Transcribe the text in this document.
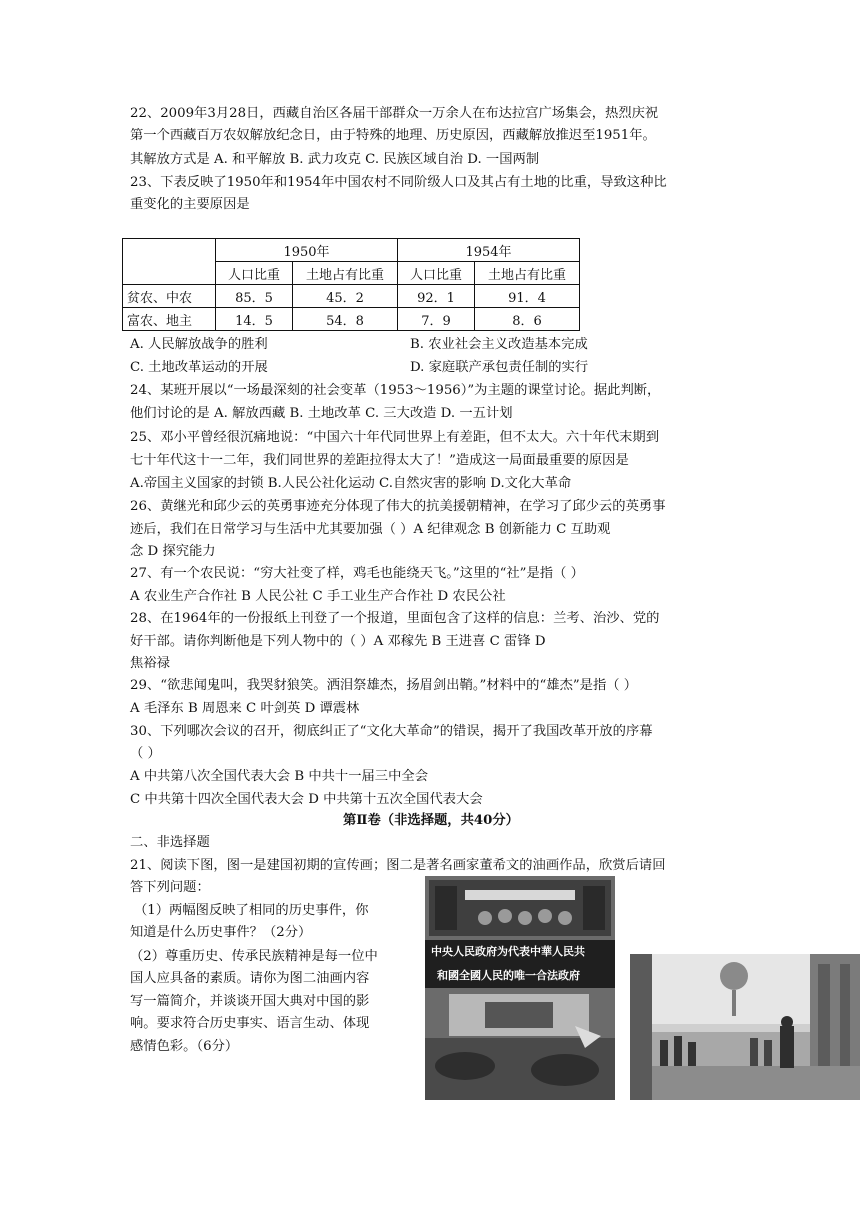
22、2009年3月28日，西藏自治区各届干部群众一万余人在布达拉宫广场集会，热烈庆祝
第一个西藏百万农奴解放纪念日，由于特殊的地理、历史原因，西藏解放推迟至1951年。
其解放方式是 A. 和平解放 B. 武力攻克 C. 民族区域自治 D. 一国两制
23、下表反映了1950年和1954年中国农村不同阶级人口及其占有土地的比重，导致这种比
重变化的主要原因是
	1950年		1954年	
	人口比重	土地占有比重	人口比重	土地占有比重
贫农、中农	85．5	45．2	92．1	91．4
富农、地主	14．5	54．8	7．9	8．6
A. 人民解放战争的胜利	B. 农业社会主义改造基本完成
C. 土地改革运动的开展	D. 家庭联产承包责任制的实行
24、某班开展以“一场最深刻的社会变革（1953～1956）”为主题的课堂讨论。据此判断，
他们讨论的是 A. 解放西藏 B. 土地改革 C. 三大改造 D. 一五计划
25、邓小平曾经很沉痛地说：“中国六十年代同世界上有差距，但不太大。六十年代末期到
七十年代这十一二年，我们同世界的差距拉得太大了！”造成这一局面最重要的原因是
A.帝国主义国家的封锁 B.人民公社化运动 C.自然灾害的影响 D.文化大革命
26、黄继光和邱少云的英勇事迹充分体现了伟大的抗美援朝精神，在学习了邱少云的英勇事
迹后，我们在日常学习与生活中尤其要加强（ ）A 纪律观念 B 创新能力 C 互助观
念 D 探究能力
27、有一个农民说：“穷大社变了样，鸡毛也能绕天飞。”这里的“社”是指（ ）
A 农业生产合作社 B 人民公社 C 手工业生产合作社 D 农民公社
28、在1964年的一份报纸上刊登了一个报道，里面包含了这样的信息：兰考、治沙、党的
好干部。请你判断他是下列人物中的（ ）A 邓稼先 B 王进喜 C 雷锋 D
焦裕禄
29、“欲悲闻鬼叫，我哭豺狼笑。洒泪祭雄杰，扬眉剑出鞘。”材料中的“雄杰”是指（ ）
A 毛泽东 B 周恩来 C 叶剑英 D 谭震林
30、下列哪次会议的召开，彻底纠正了“文化大革命”的错误，揭开了我国改革开放的序幕
（ ）
A 中共第八次全国代表大会 B 中共十一届三中全会
C 中共第十四次全国代表大会 D 中共第十五次全国代表大会
第Ⅱ卷（非选择题，共40分）
二、非选择题
21、阅读下图，图一是建国初期的宣传画；图二是著名画家董希文的油画作品，欣赏后请回
答下列问题：
（1）两幅图反映了相同的历史事件，你
知道是什么历史事件？（2分）
（2）尊重历史、传承民族精神是每一位中
国人应具备的素质。请你为图二油画内容
写一篇简介，并谈谈开国大典对中国的影
响。要求符合历史事实、语言生动、体现
感情色彩。（6分）
中央人民政府为代表中華人民共
和國全國人民的唯一合法政府
